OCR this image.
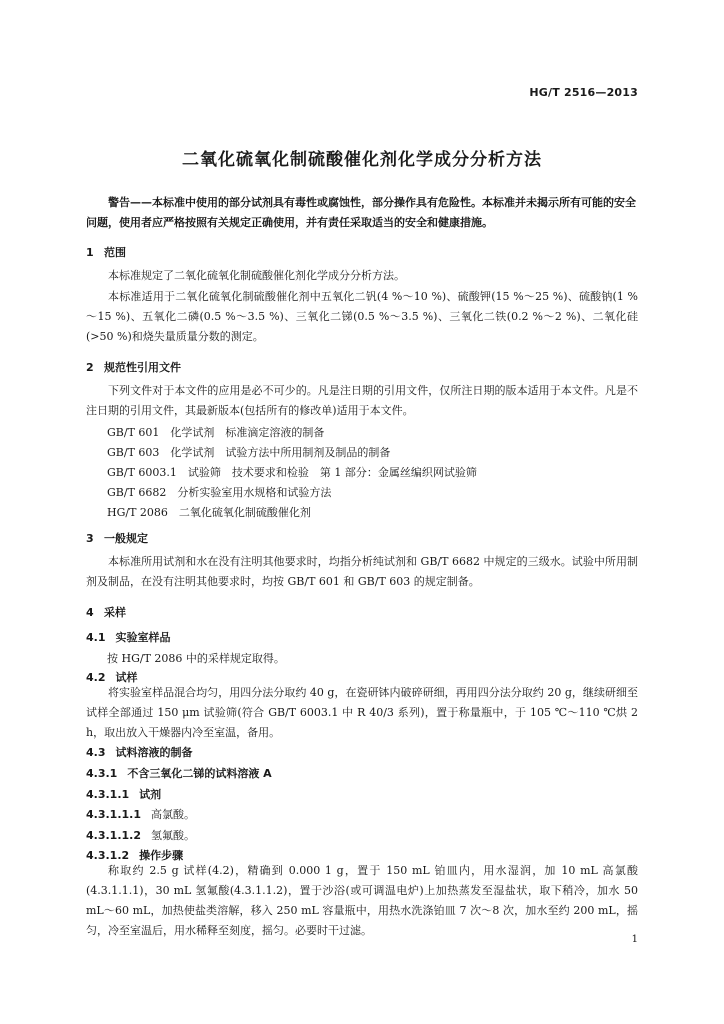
HG/T 2516—2013
二氧化硫氧化制硫酸催化剂化学成分分析方法
警告——本标准中使用的部分试剂具有毒性或腐蚀性，部分操作具有危险性。本标准并未揭示所有可能的安全问题，使用者应严格按照有关规定正确使用，并有责任采取适当的安全和健康措施。
1 范围
本标准规定了二氧化硫氧化制硫酸催化剂化学成分分析方法。
本标准适用于二氧化硫氧化制硫酸催化剂中五氧化二钒(4 %～10 %)、硫酸钾(15 %～25 %)、硫酸钠(1 %～15 %)、五氧化二磷(0.5 %～3.5 %)、三氧化二锑(0.5 %～3.5 %)、三氧化二铁(0.2 %～2 %)、二氧化硅(>50 %)和烧失量质量分数的测定。
2 规范性引用文件
下列文件对于本文件的应用是必不可少的。凡是注日期的引用文件，仅所注日期的版本适用于本文件。凡是不注日期的引用文件，其最新版本(包括所有的修改单)适用于本文件。
GB/T 601　化学试剂　标准滴定溶液的制备
GB/T 603　化学试剂　试验方法中所用制剂及制品的制备
GB/T 6003.1　试验筛　技术要求和检验　第 1 部分：金属丝编织网试验筛
GB/T 6682　分析实验室用水规格和试验方法
HG/T 2086　二氧化硫氧化制硫酸催化剂
3 一般规定
本标准所用试剂和水在没有注明其他要求时，均指分析纯试剂和 GB/T 6682 中规定的三级水。试验中所用制剂及制品，在没有注明其他要求时，均按 GB/T 601 和 GB/T 603 的规定制备。
4 采样
4.1 实验室样品
按 HG/T 2086 中的采样规定取得。
4.2 试样
将实验室样品混合均匀，用四分法分取约 40 g，在瓷研钵内破碎研细，再用四分法分取约 20 g，继续研细至试样全部通过 150 μm 试验筛(符合 GB/T 6003.1 中 R 40/3 系列)，置于称量瓶中，于 105 ℃～110 ℃烘 2 h，取出放入干燥器内冷至室温，备用。
4.3 试料溶液的制备
4.3.1 不含三氧化二锑的试料溶液 A
4.3.1.1 试剂
4.3.1.1.1 高氯酸。
4.3.1.1.2 氢氟酸。
4.3.1.2 操作步骤
称取约 2.5 g 试样(4.2)，精确到 0.000 1 g，置于 150 mL 铂皿内，用水湿润，加 10 mL 高氯酸(4.3.1.1.1)，30 mL 氢氟酸(4.3.1.1.2)，置于沙浴(或可调温电炉)上加热蒸发至湿盐状，取下稍冷，加水 50 mL～60 mL，加热使盐类溶解，移入 250 mL 容量瓶中，用热水洗涤铂皿 7 次～8 次，加水至约 200 mL，摇匀，冷至室温后，用水稀释至刻度，摇匀。必要时干过滤。
1
